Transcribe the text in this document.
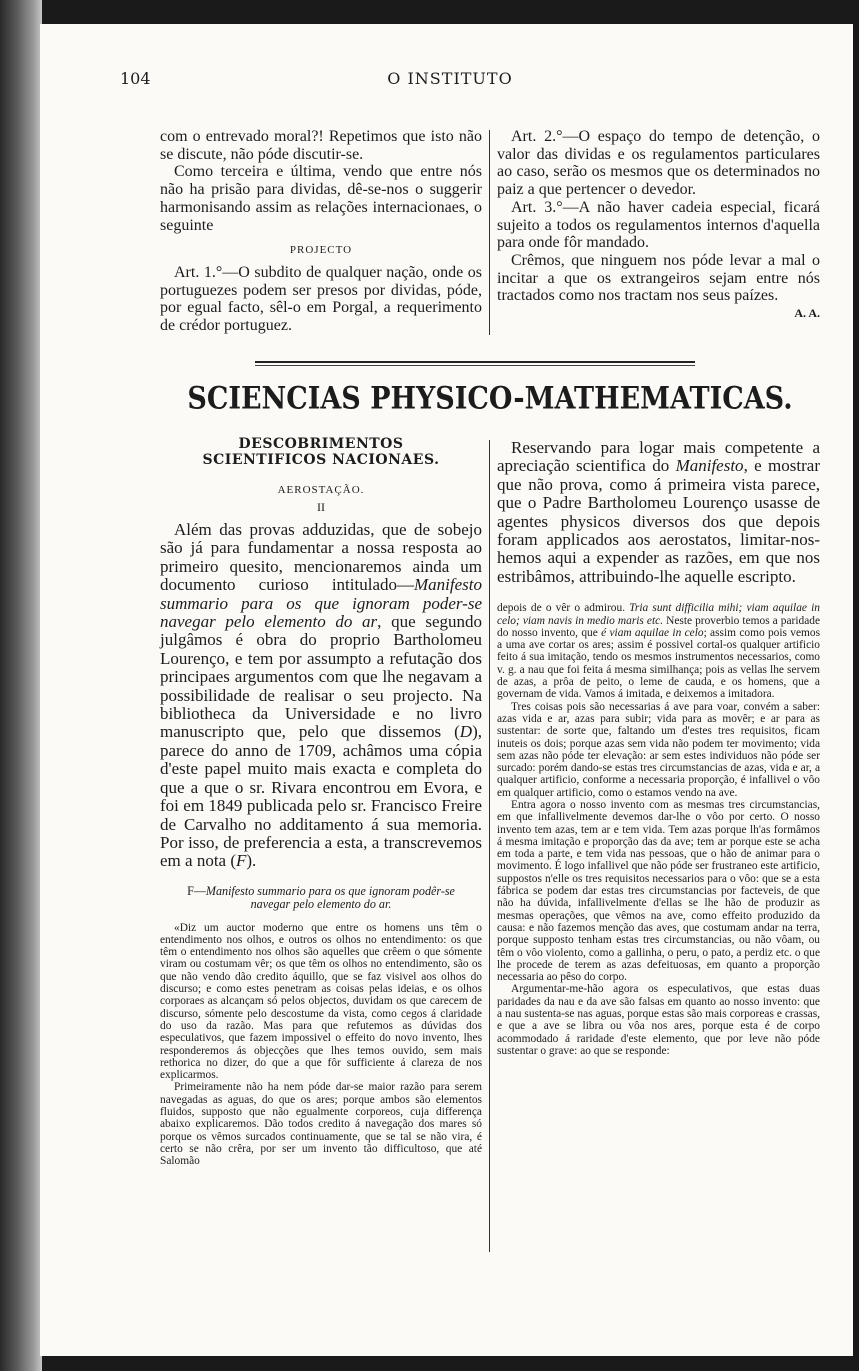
104	O INSTITUTO

com o entrevado moral?! Repetimos que isto não se discute, não póde discutir-se.

Como terceira e última, vendo que entre nós não ha prisão para dividas, dê-se-nos o suggerir harmonisando assim as relações internacionaes, o seguinte

PROJECTO

Art. 1.°—O subdito de qualquer nação, onde os portuguezes podem ser presos por dividas, póde, por egual facto, sêl-o em Porgal, a requerimento de crédor portuguez.

Art. 2.°—O espaço do tempo de detenção, o valor das dividas e os regulamentos particulares ao caso, serão os mesmos que os determinados no paiz a que pertencer o devedor.

Art. 3.°—A não haver cadeia especial, ficará sujeito a todos os regulamentos internos d'aquella para onde fôr mandado.

Crêmos, que ninguem nos póde levar a mal o incitar a que os extrangeiros sejam entre nós tractados como nos tractam nos seus paízes.

A. A.

SCIENCIAS PHYSICO-MATHEMATICAS.
DESCOBRIMENTOS SCIENTIFICOS NACIONAES.
AEROSTAÇÃO.
II

Além das provas adduzidas, que de sobejo são já para fundamentar a nossa resposta ao primeiro quesito, mencionaremos ainda um documento curioso intitulado—Manifesto summario para os que ignoram poder-se navegar pelo elemento do ar, que segundo julgâmos é obra do proprio Bartholomeu Lourenço, e tem por assumpto a refutação dos principaes argumentos com que lhe negavam a possibilidade de realisar o seu projecto. Na bibliotheca da Universidade e no livro manuscripto que, pelo que dissemos (D), parece do anno de 1709, achâmos uma cópia d'este papel muito mais exacta e completa do que a que o sr. Rivara encontrou em Evora, e foi em 1849 publicada pelo sr. Francisco Freire de Carvalho no additamento á sua memoria. Por isso, de preferencia a esta, a transcrevemos em a nota (F).

F—Manifesto summario para os que ignoram podêr-se navegar pelo elemento do ar.

«Diz um auctor moderno que entre os homens uns têm o entendimento nos olhos, e outros os olhos no entendimento: os que têm o entendimento nos olhos são aquelles que crêem o que sómente viram ou costumam vêr; os que têm os olhos no entendimento, são os que não vendo dão credito áquillo, que se faz visivel aos olhos do discurso; e como estes penetram as coisas pelas ideias, e os olhos corporaes as alcançam só pelos objectos, duvidam os que carecem de discurso, sómente pelo descostume da vista, como cegos á claridade do uso da razão. Mas para que refutemos as dúvidas dos especulativos, que fazem impossivel o effeito do novo invento, lhes responderemos ás objecções que lhes temos ouvido, sem mais rethorica no dizer, do que a que fôr sufficiente á clareza de nos explicarmos.

Primeiramente não ha nem póde dar-se maior razão para serem navegadas as aguas, do que os ares; porque ambos são elementos fluidos, supposto que não egualmente corporeos, cuja differença abaixo explicaremos. Dão todos credito á navegação dos mares só porque os vêmos surcados continuamente, que se tal se não vira, é certo se não crêra, por ser um invento tão difficultoso, que até Salomão

Reservando para logar mais competente a apreciação scientifica do Manifesto, e mostrar que não prova, como á primeira vista parece, que o Padre Bartholomeu Lourenço usasse de agentes physicos diversos dos que depois foram applicados aos aerostatos, limitar-nos-hemos aqui a expender as razões, em que nos estribâmos, attribuindo-lhe aquelle escripto.

depois de o vêr o admirou. Tria sunt difficilia mihi; viam aquilae in celo; viam navis in medio maris etc. Neste proverbio temos a paridade do nosso invento, que é viam aquilae in celo; assim como pois vemos a uma ave cortar os ares; assim é possivel cortal-os qualquer artificio feito á sua imitação, tendo os mesmos instrumentos necessarios, como v. g. a nau que foi feita á mesma similhança; pois as vellas lhe servem de azas, a prôa de peito, o leme de cauda, e os homens, que a governam de vida. Vamos á imitada, e deixemos a imitadora.

Tres coisas pois são necessarias á ave para voar, convém a saber: azas vida e ar, azas para subir; vida para as movêr; e ar para as sustentar: de sorte que, faltando um d'estes tres requisitos, ficam inuteis os dois; porque azas sem vida não podem ter movimento; vida sem azas não póde ter elevação: ar sem estes individuos não póde ser surcado: porém dando-se estas tres circumstancias de azas, vida e ar, a qualquer artificio, conforme a necessaria proporção, é infallivel o vôo em qualquer artificio, como o estamos vendo na ave.

Entra agora o nosso invento com as mesmas tres circumstancias, em que infallivelmente devemos dar-lhe o vôo por certo. O nosso invento tem azas, tem ar e tem vida. Tem azas porque lh'as formâmos á mesma imitação e proporção das da ave; tem ar porque este se acha em toda a parte, e tem vida nas pessoas, que o hão de animar para o movimento. É logo infallivel que não póde ser frustraneo este artificio, suppostos n'elle os tres requisitos necessarios para o vôo: que se a esta fábrica se podem dar estas tres circumstancias por facteveis, de que não ha dúvida, infallivelmente d'ellas se lhe hão de produzir as mesmas operações, que vêmos na ave, como effeito produzido da causa: e não fazemos menção das aves, que costumam andar na terra, porque supposto tenham estas tres circumstancias, ou não vôam, ou têm o vôo violento, como a gallinha, o peru, o pato, a perdiz etc. o que lhe procede de terem as azas defeituosas, em quanto a proporção necessaria ao pêso do corpo.

Argumentar-me-hão agora os especulativos, que estas duas paridades da nau e da ave são falsas em quanto ao nosso invento: que a nau sustenta-se nas aguas, porque estas são mais corporeas e crassas, e que a ave se libra ou vôa nos ares, porque esta é de corpo acommodado á raridade d'este elemento, que por leve não póde sustentar o grave: ao que se responde:
